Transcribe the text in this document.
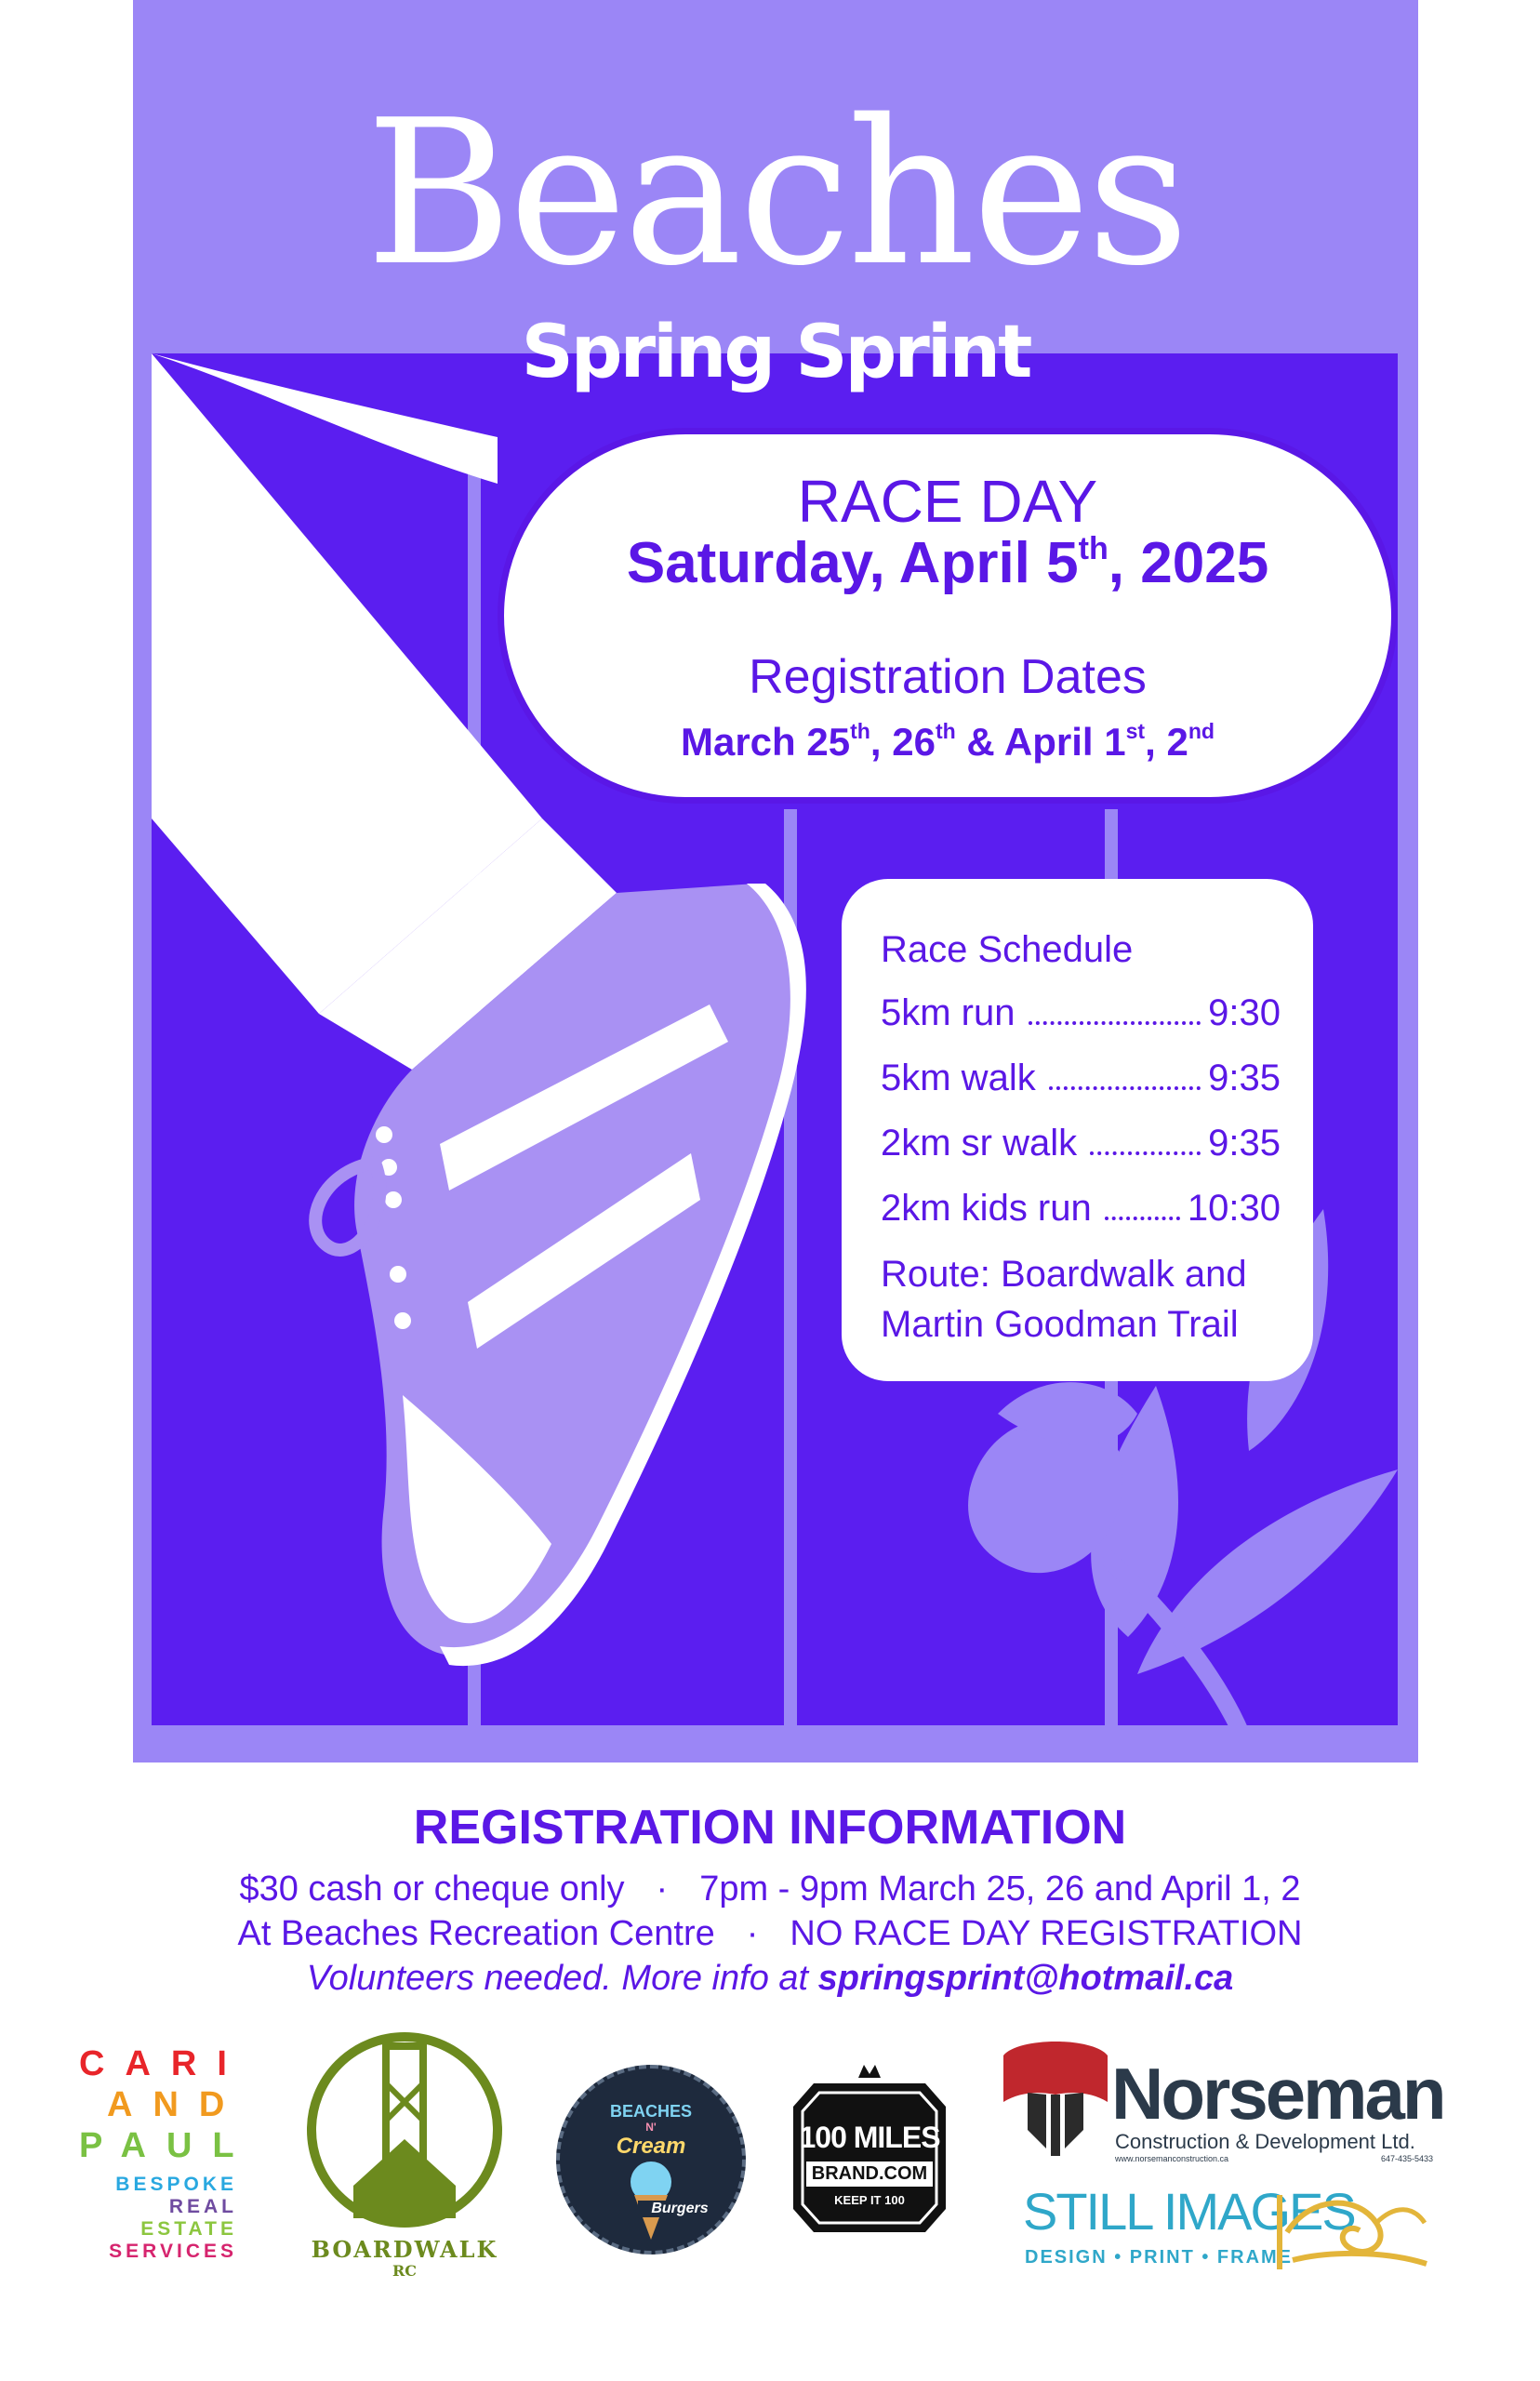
Beaches
Spring Sprint
RACE DAY
Saturday, April 5th, 2025
Registration Dates
March 25th, 26th & April 1st, 2nd
Race Schedule
5km run	9:30
5km walk	9:35
2km sr walk	9:35
2km kids run	10:30
Route: Boardwalk and
Martin Goodman Trail
REGISTRATION INFORMATION
$30 cash or cheque only · 7pm - 9pm March 25, 26 and April 1, 2
At Beaches Recreation Centre · NO RACE DAY REGISTRATION
Volunteers needed. More info at springsprint@hotmail.ca
CARI
AND
PAUL
BESPOKE
REAL
ESTATE
SERVICES	BOARDWALK
RC
BEACHES
N'
Cream
Burgers
100 MILES
BRAND.COM
KEEP IT 100
Norseman
Construction & Development Ltd.
www.norsemanconstruction.ca	647-435-5433
STILL IMAGES
DESIGN • PRINT • FRAME
